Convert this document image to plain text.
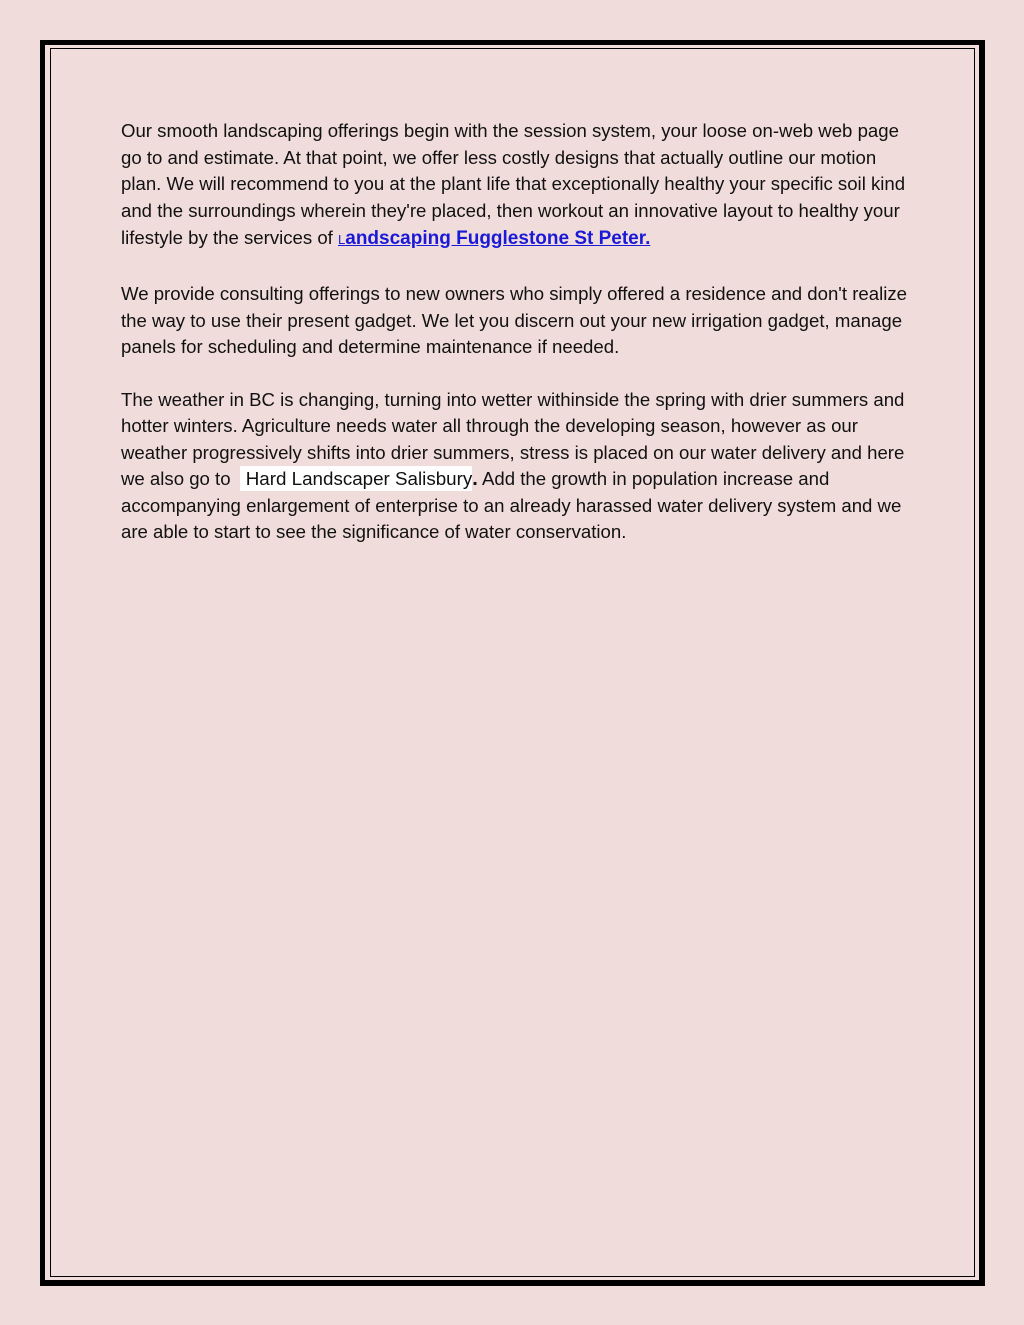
Our smooth landscaping offerings begin with the session system, your loose on-web web page go to and estimate. At that point, we offer less costly designs that actually outline our motion plan. We will recommend to you at the plant life that exceptionally healthy your specific soil kind and the surroundings wherein they're placed, then workout an innovative layout to healthy your lifestyle by the services of Landscaping Fugglestone St Peter.

We provide consulting offerings to new owners who simply offered a residence and don't realize the way to use their present gadget. We let you discern out your new irrigation gadget, manage panels for scheduling and determine maintenance if needed.

The weather in BC is changing, turning into wetter withinside the spring with drier summers and hotter winters. Agriculture needs water all through the developing season, however as our weather progressively shifts into drier summers, stress is placed on our water delivery and here we also go to Hard Landscaper Salisbury. Add the growth in population increase and accompanying enlargement of enterprise to an already harassed water delivery system and we are able to start to see the significance of water conservation.
